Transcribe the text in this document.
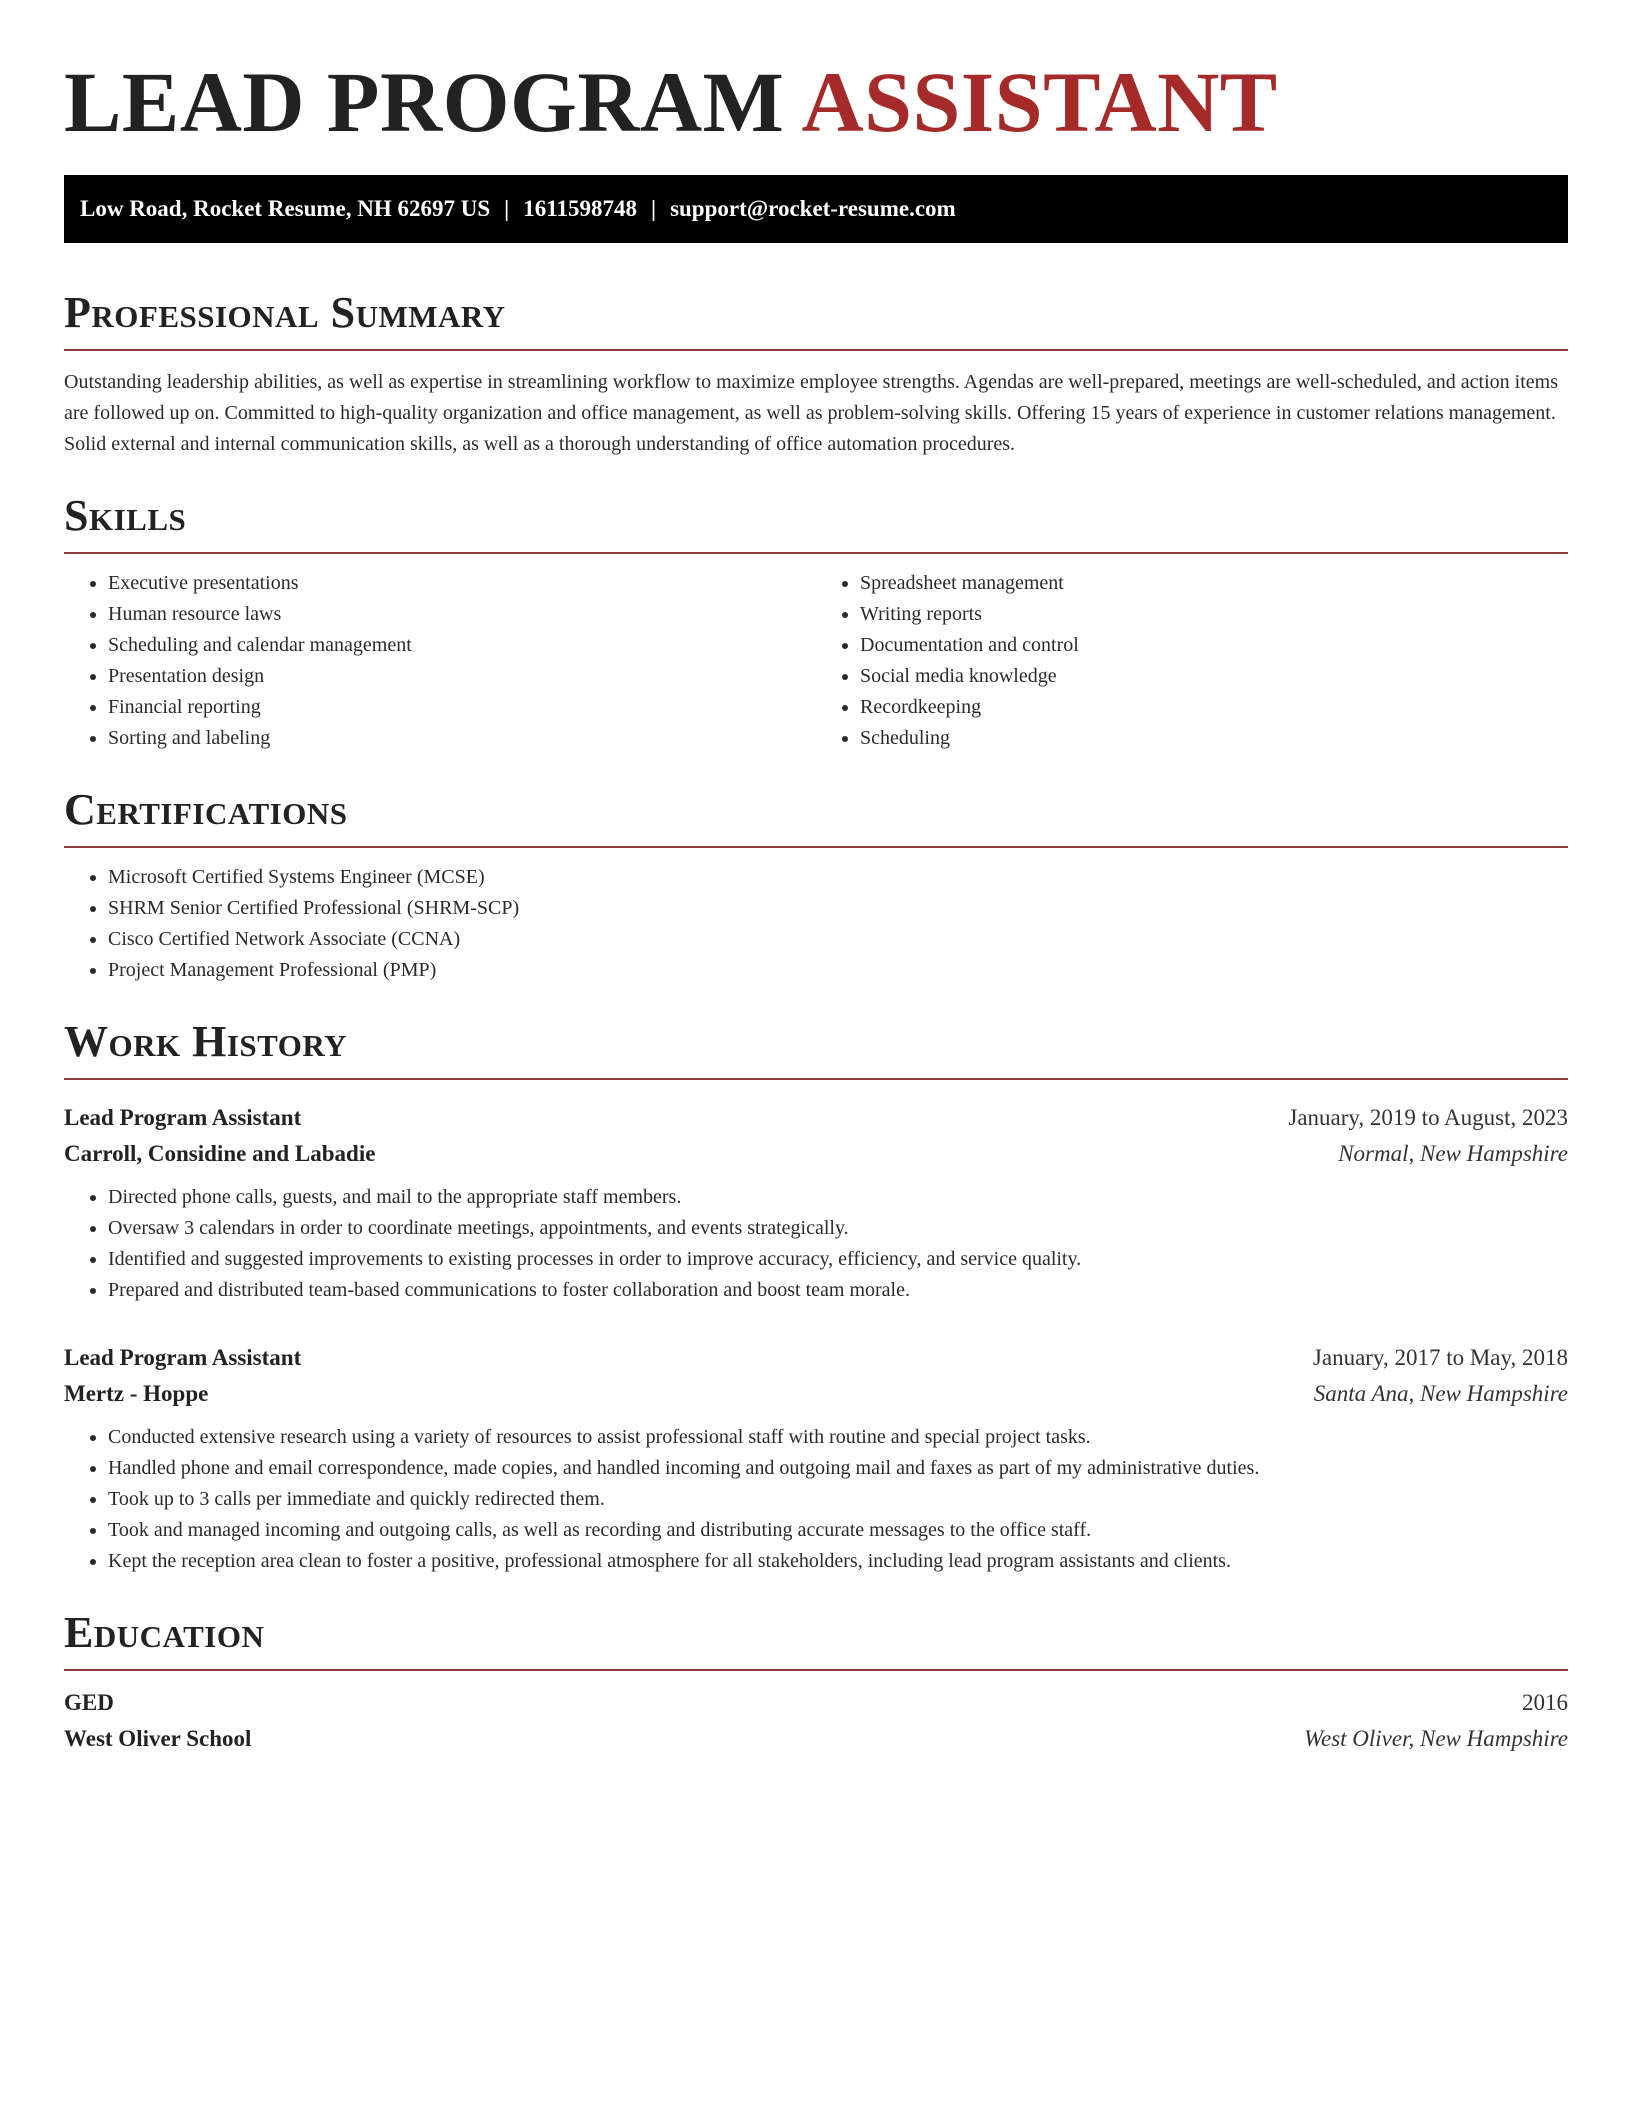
LEAD PROGRAM ASSISTANT
Low Road, Rocket Resume, NH 62697 US | 1611598748 | support@rocket-resume.com
Professional Summary

Outstanding leadership abilities, as well as expertise in streamlining workflow to maximize employee strengths. Agendas are well-prepared, meetings are well-scheduled, and action items are followed up on. Committed to high-quality organization and office management, as well as problem-solving skills. Offering 15 years of experience in customer relations management. Solid external and internal communication skills, as well as a thorough understanding of office automation procedures.

Skills
• Executive presentations
• Human resource laws
• Scheduling and calendar management
• Presentation design
• Financial reporting
• Sorting and labeling
• Spreadsheet management
• Writing reports
• Documentation and control
• Social media knowledge
• Recordkeeping
• Scheduling
Certifications
• Microsoft Certified Systems Engineer (MCSE)
• SHRM Senior Certified Professional (SHRM-SCP)
• Cisco Certified Network Associate (CCNA)
• Project Management Professional (PMP)
Work History
Lead Program Assistant	January, 2019 to August, 2023
Carroll, Considine and Labadie	Normal, New Hampshire
• Directed phone calls, guests, and mail to the appropriate staff members.
• Oversaw 3 calendars in order to coordinate meetings, appointments, and events strategically.
• Identified and suggested improvements to existing processes in order to improve accuracy, efficiency, and service quality.
• Prepared and distributed team-based communications to foster collaboration and boost team morale.
Lead Program Assistant	January, 2017 to May, 2018
Mertz - Hoppe	Santa Ana, New Hampshire
• Conducted extensive research using a variety of resources to assist professional staff with routine and special project tasks.
• Handled phone and email correspondence, made copies, and handled incoming and outgoing mail and faxes as part of my administrative duties.
• Took up to 3 calls per immediate and quickly redirected them.
• Took and managed incoming and outgoing calls, as well as recording and distributing accurate messages to the office staff.
• Kept the reception area clean to foster a positive, professional atmosphere for all stakeholders, including lead program assistants and clients.
Education
GED	2016
West Oliver School	West Oliver, New Hampshire
